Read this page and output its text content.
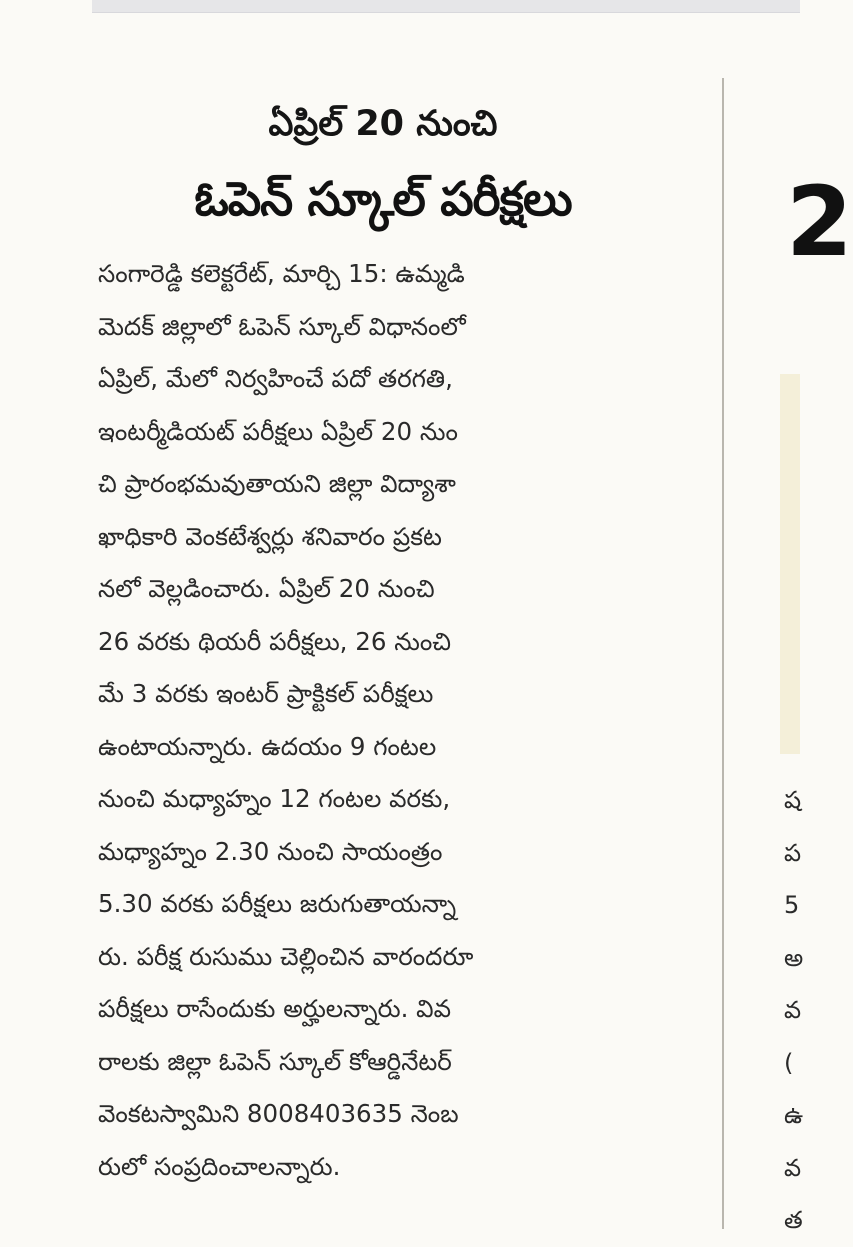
ఏప్రిల్ 20 నుంచి
ఓపెన్ స్కూల్ పరీక్షలు
సంగారెడ్డి కలెక్టరేట్, మార్చి 15: ఉమ్మడి
మెదక్ జిల్లాలో ఓపెన్ స్కూల్ విధానంలో
ఏప్రిల్, మేలో నిర్వహించే పదో తరగతి,
ఇంటర్మీడియట్ పరీక్షలు ఏప్రిల్ 20 నుం
చి ప్రారంభమవుతాయని జిల్లా విద్యాశా
ఖాధికారి వెంకటేశ్వర్లు శనివారం ప్రకట
నలో వెల్లడించారు. ఏప్రిల్ 20 నుంచి
26 వరకు థియరీ పరీక్షలు, 26 నుంచి
మే 3 వరకు ఇంటర్ ప్రాక్టికల్ పరీక్షలు
ఉంటాయన్నారు. ఉదయం 9 గంటల
నుంచి మధ్యాహ్నం 12 గంటల వరకు,
మధ్యాహ్నం 2.30 నుంచి సాయంత్రం
5.30 వరకు పరీక్షలు జరుగుతాయన్నా
రు. పరీక్ష రుసుము చెల్లించిన వారందరూ
పరీక్షలు రాసేందుకు అర్హులన్నారు. వివ
రాలకు జిల్లా ఓపెన్ స్కూల్ కోఆర్డినేటర్
వెంకటస్వామిని 8008403635 నెంబ
రులో సంప్రదించాలన్నారు.
2
ష
ప
5
అ
వ
(
ఉ
వ
త
